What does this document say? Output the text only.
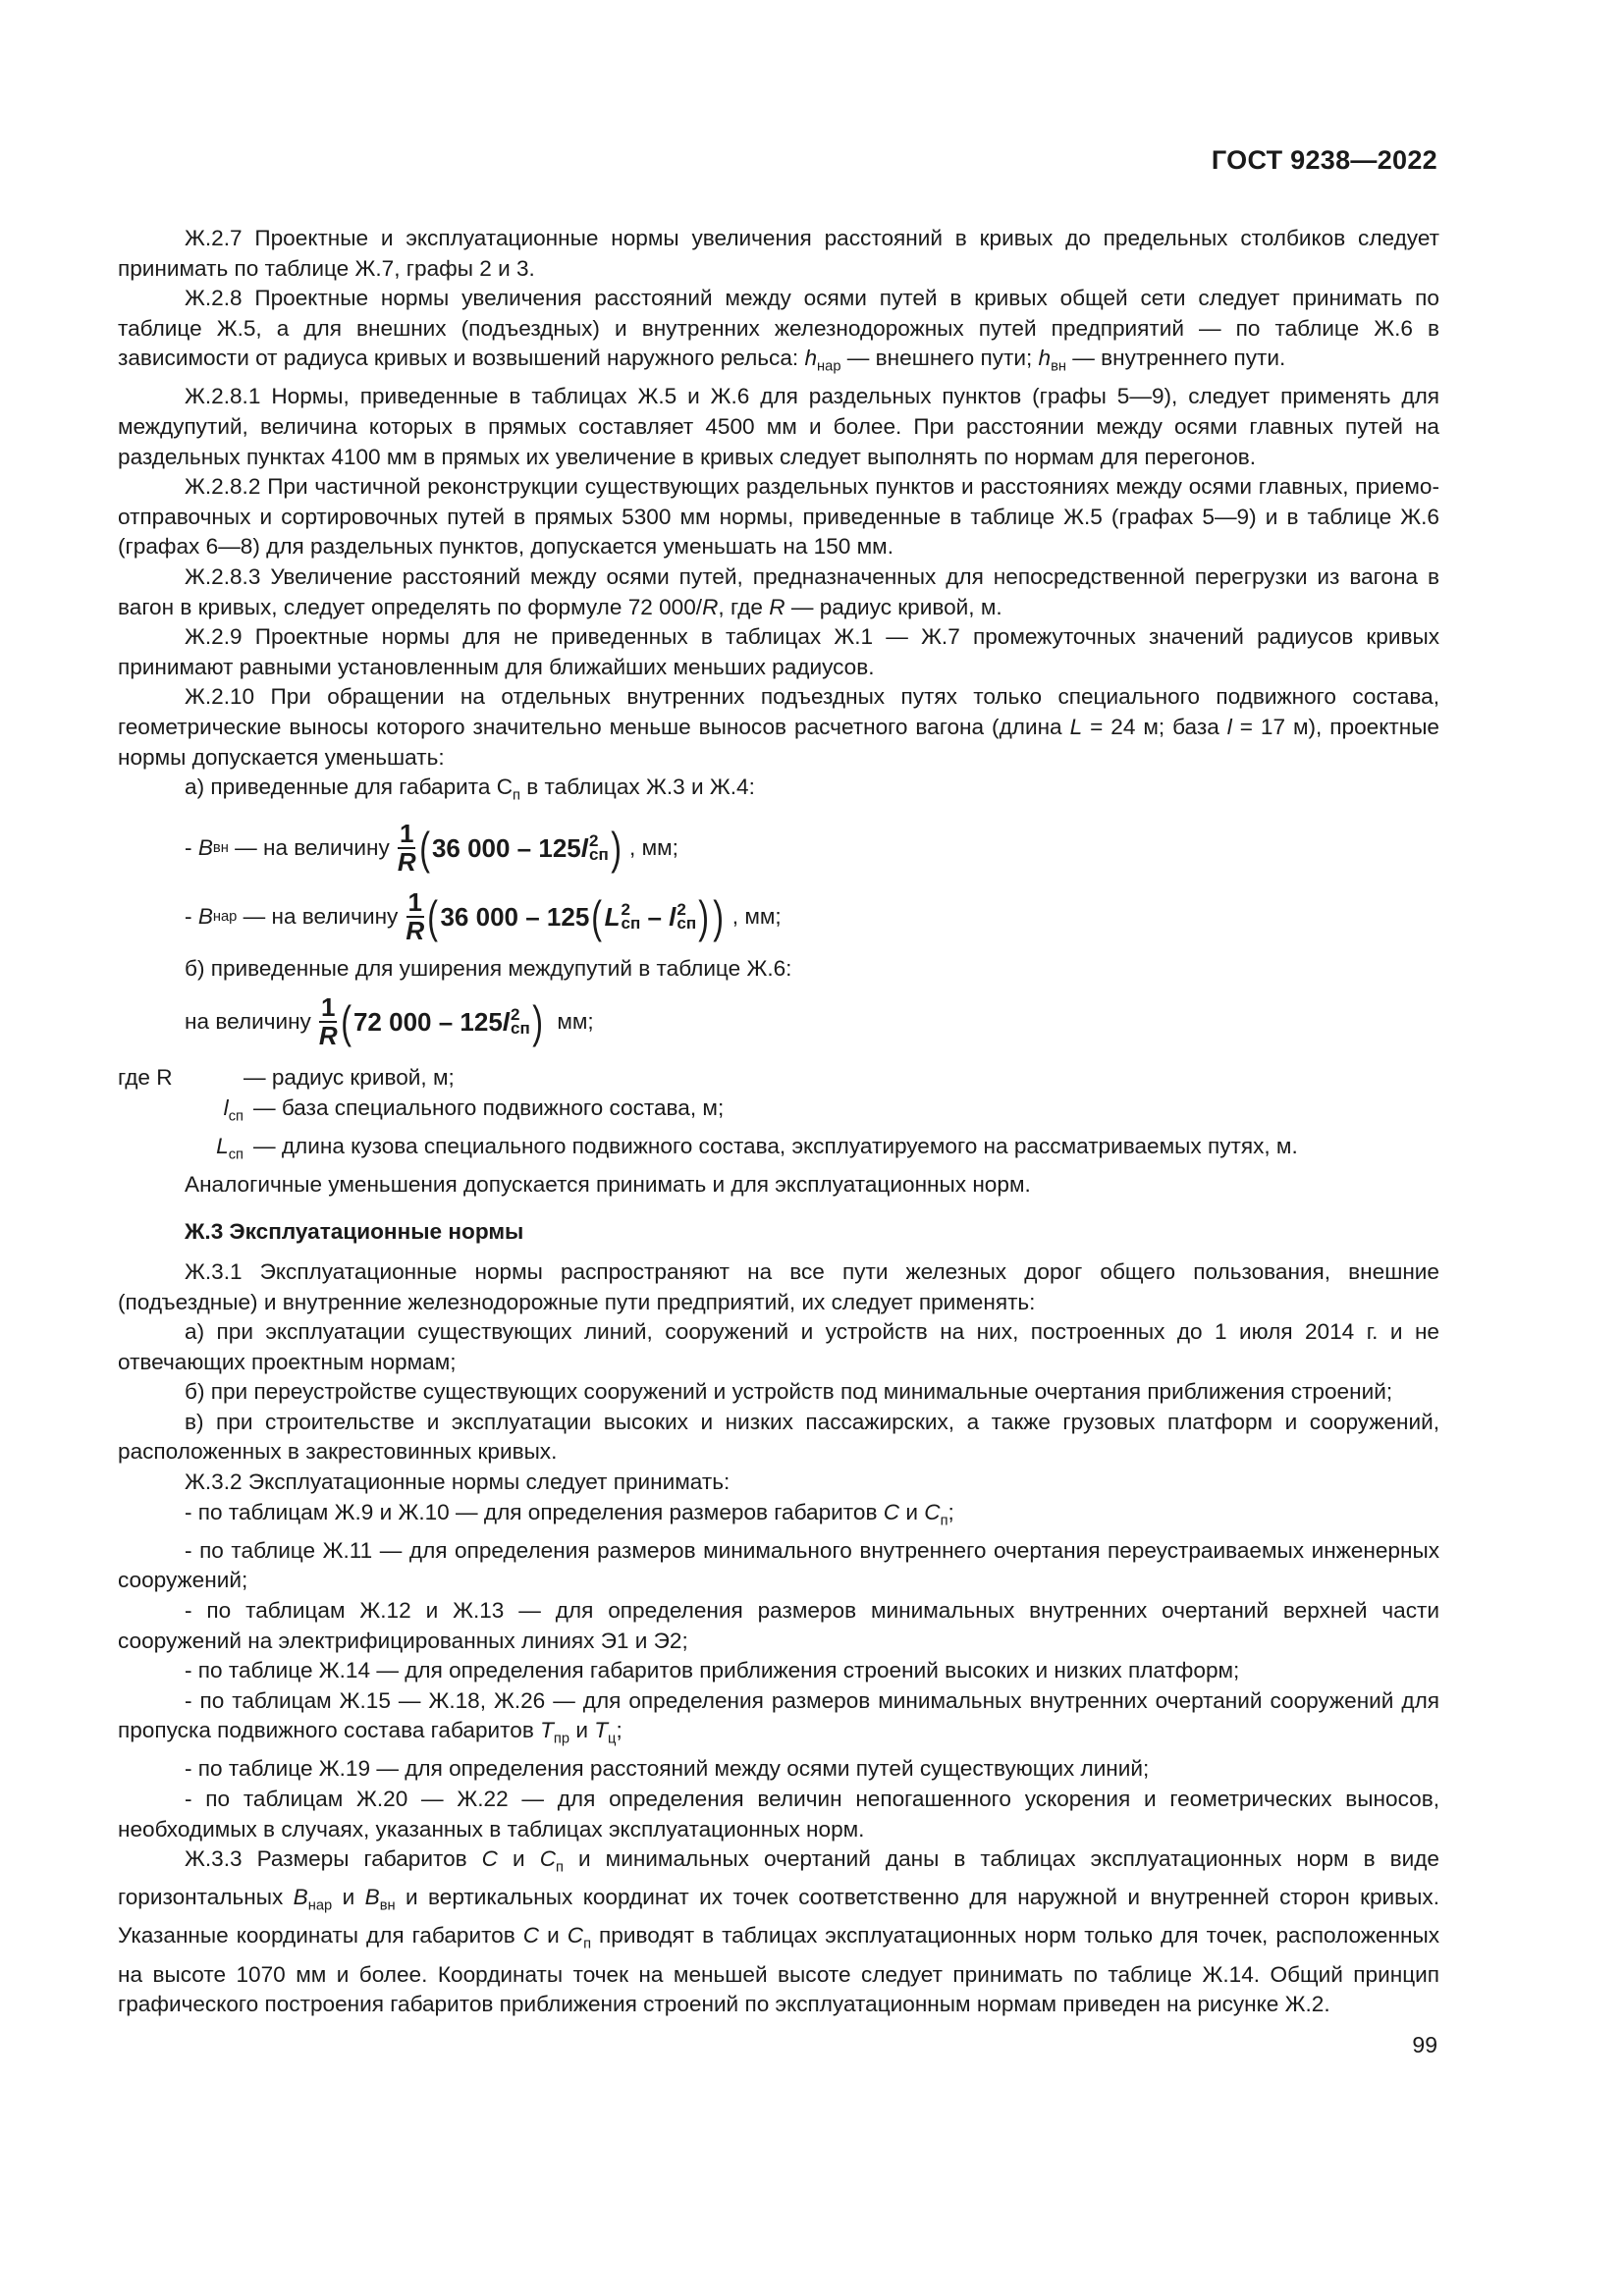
ГОСТ 9238—2022

Ж.2.7 Проектные и эксплуатационные нормы увеличения расстояний в кривых до предельных столбиков следует принимать по таблице Ж.7, графы 2 и 3.

Ж.2.8 Проектные нормы увеличения расстояний между осями путей в кривых общей сети следует принимать по таблице Ж.5, а для внешних (подъездных) и внутренних железнодорожных путей предприятий — по таблице Ж.6 в зависимости от радиуса кривых и возвышений наружного рельса: $h_{нар}$ — внешнего пути; $h_{вн}$ — внутреннего пути.

Ж.2.8.1 Нормы, приведенные в таблицах Ж.5 и Ж.6 для раздельных пунктов (графы 5—9), следует применять для междупутий, величина которых в прямых составляет 4500 мм и более. При расстоянии между осями главных путей на раздельных пунктах 4100 мм в прямых их увеличение в кривых следует выполнять по нормам для перегонов.

Ж.2.8.2 При частичной реконструкции существующих раздельных пунктов и расстояниях между осями главных, приемо-отправочных и сортировочных путей в прямых 5300 мм нормы, приведенные в таблице Ж.5 (графах 5—9) и в таблице Ж.6 (графах 6—8) для раздельных пунктов, допускается уменьшать на 150 мм.

Ж.2.8.3 Увеличение расстояний между осями путей, предназначенных для непосредственной перегрузки из вагона в вагон в кривых, следует определять по формуле 72 000/R, где R — радиус кривой, м.

Ж.2.9 Проектные нормы для не приведенных в таблицах Ж.1 — Ж.7 промежуточных значений радиусов кривых принимают равными установленным для ближайших меньших радиусов.

Ж.2.10 При обращении на отдельных внутренних подъездных путях только специального подвижного состава, геометрические выносы которого значительно меньше выносов расчетного вагона (длина L = 24 м; база l = 17 м), проектные нормы допускается уменьшать:

а) приведенные для габарита $С_п$ в таблицах Ж.3 и Ж.4:

- B вн — на величину $\frac{1}{R}$ ( 36 000 – 125 l 2
сп ) , мм;
- B нар — на величину $\frac{1}{R}$ ( 36 000 – 125 ( L 2
сп – l 2
сп ) ) , мм;

б) приведенные для уширения междупутий в таблице Ж.6:

на величину $\frac{1}{R}$ ( 72 000 – 125 l 2
сп ) мм;
где R	— радиус кривой, м;
$l_{сп}$ — база специального подвижного состава, м;
$L_{сп}$ — длина кузова специального подвижного состава, эксплуатируемого на рассматриваемых путях, м.

Аналогичные уменьшения допускается принимать и для эксплуатационных норм.

Ж.3 Эксплуатационные нормы

Ж.3.1 Эксплуатационные нормы распространяют на все пути железных дорог общего пользования, внешние (подъездные) и внутренние железнодорожные пути предприятий, их следует применять:

а) при эксплуатации существующих линий, сооружений и устройств на них, построенных до 1 июля 2014 г. и не отвечающих проектным нормам;

б) при переустройстве существующих сооружений и устройств под минимальные очертания приближения строений;

в) при строительстве и эксплуатации высоких и низких пассажирских, а также грузовых платформ и сооружений, расположенных в закрестовинных кривых.

Ж.3.2 Эксплуатационные нормы следует принимать:

- по таблицам Ж.9 и Ж.10 — для определения размеров габаритов C и $C_п$;

- по таблице Ж.11 — для определения размеров минимального внутреннего очертания переустраиваемых инженерных сооружений;

- по таблицам Ж.12 и Ж.13 — для определения размеров минимальных внутренних очертаний верхней части сооружений на электрифицированных линиях Э1 и Э2;

- по таблице Ж.14 — для определения габаритов приближения строений высоких и низких платформ;

- по таблицам Ж.15 — Ж.18, Ж.26 — для определения размеров минимальных внутренних очертаний сооружений для пропуска подвижного состава габаритов $T_{пр}$ и $T_ц$;

- по таблице Ж.19 — для определения расстояний между осями путей существующих линий;

- по таблицам Ж.20 — Ж.22 — для определения величин непогашенного ускорения и геометрических выносов, необходимых в случаях, указанных в таблицах эксплуатационных норм.

Ж.3.3 Размеры габаритов C и $C_п$ и минимальных очертаний даны в таблицах эксплуатационных норм в виде горизонтальных $B_{нар}$ и $B_{вн}$ и вертикальных координат их точек соответственно для наружной и внутренней сторон кривых. Указанные координаты для габаритов C и $C_п$ приводят в таблицах эксплуатационных норм только для точек, расположенных на высоте 1070 мм и более. Координаты точек на меньшей высоте следует принимать по таблице Ж.14. Общий принцип графического построения габаритов приближения строений по эксплуатационным нормам приведен на рисунке Ж.2.

99
